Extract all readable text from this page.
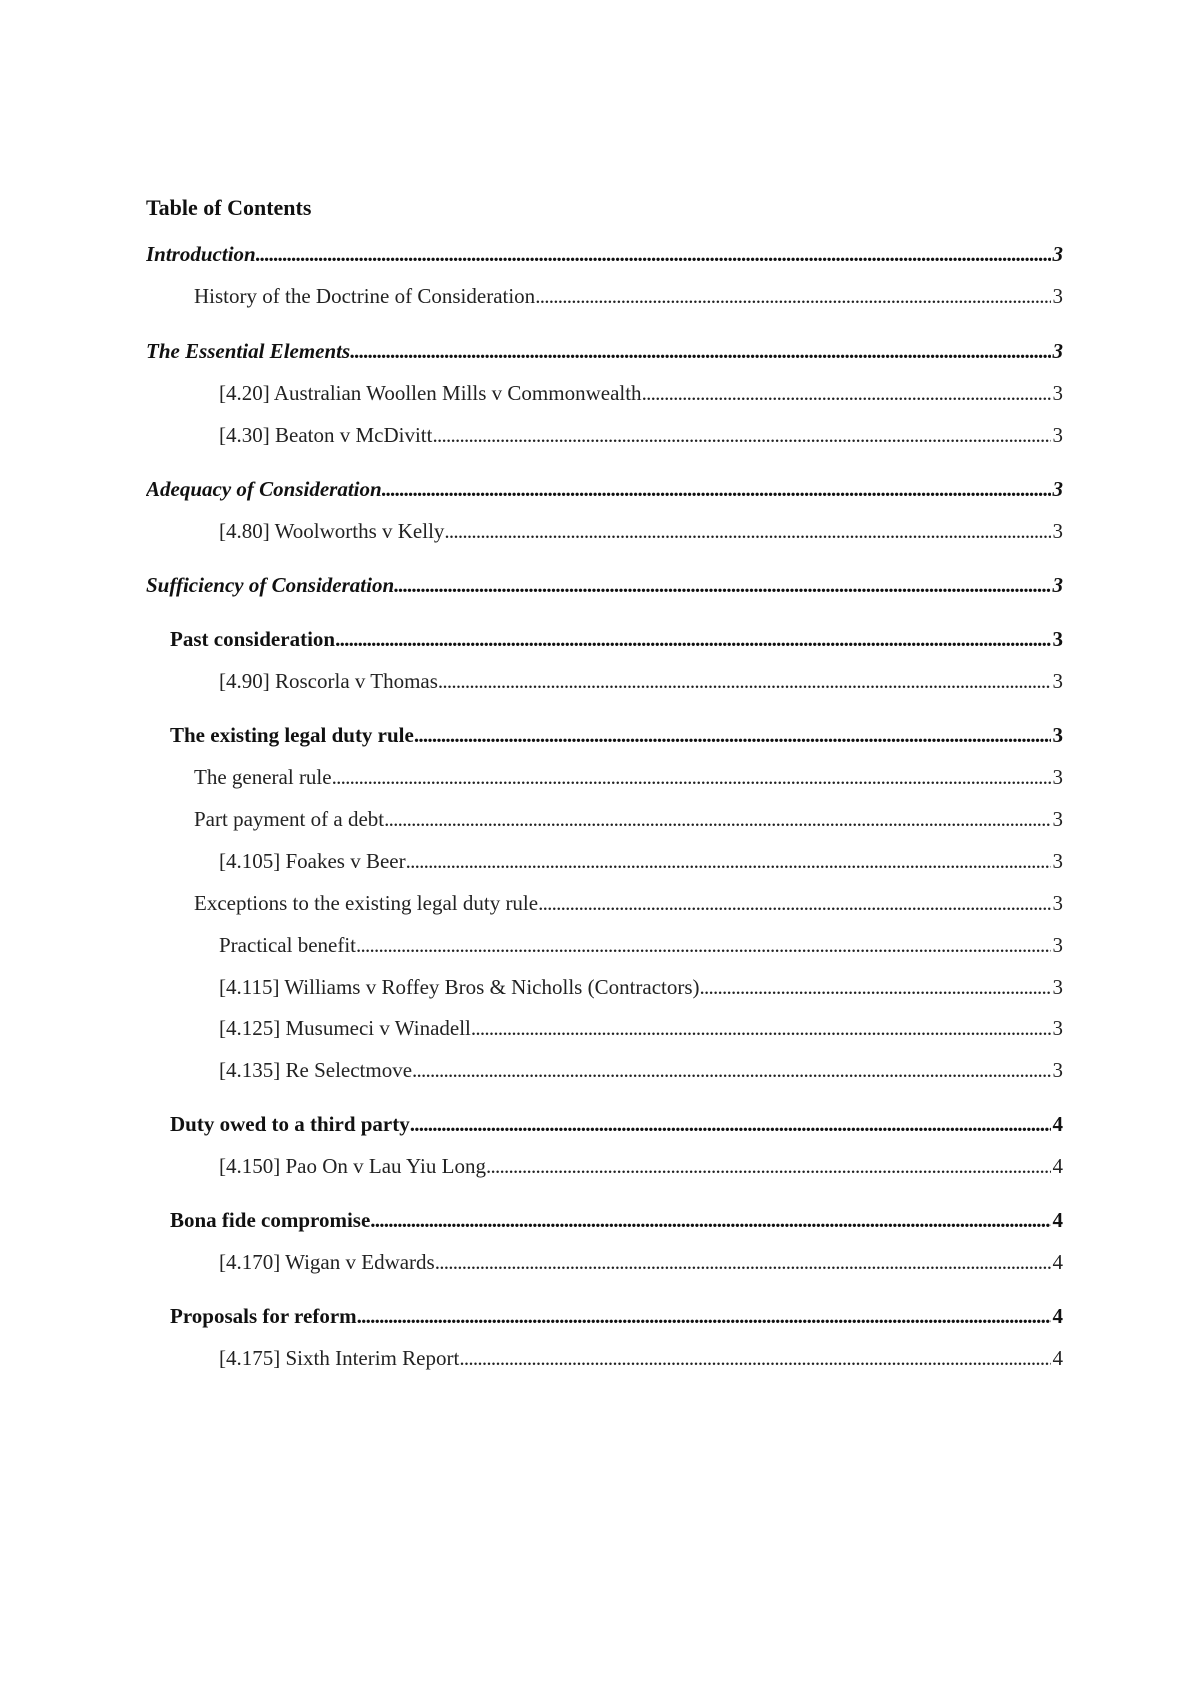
Table of Contents
Introduction . . .	3
History of the Doctrine of Consideration . . .	3
The Essential Elements . . .	3
[4.20] Australian Woollen Mills v Commonwealth . . .	3
[4.30] Beaton v McDivitt . . .	3
Adequacy of Consideration . . .	3
[4.80] Woolworths v Kelly . . .	3
Sufficiency of Consideration . . .	3
Past consideration . . .	3
[4.90] Roscorla v Thomas . . .	3
The existing legal duty rule . . .	3
The general rule . . .	3
Part payment of a debt . . .	3
[4.105] Foakes v Beer . . .	3
Exceptions to the existing legal duty rule . . .	3
Practical benefit . . .	3
[4.115] Williams v Roffey Bros & Nicholls (Contractors) . . .	3
[4.125] Musumeci v Winadell . . .	3
[4.135] Re Selectmove . . .	3
Duty owed to a third party . . .	4
[4.150] Pao On v Lau Yiu Long . . .	4
Bona fide compromise . . .	4
[4.170] Wigan v Edwards . . .	4
Proposals for reform . . .	4
[4.175] Sixth Interim Report . . .	4
